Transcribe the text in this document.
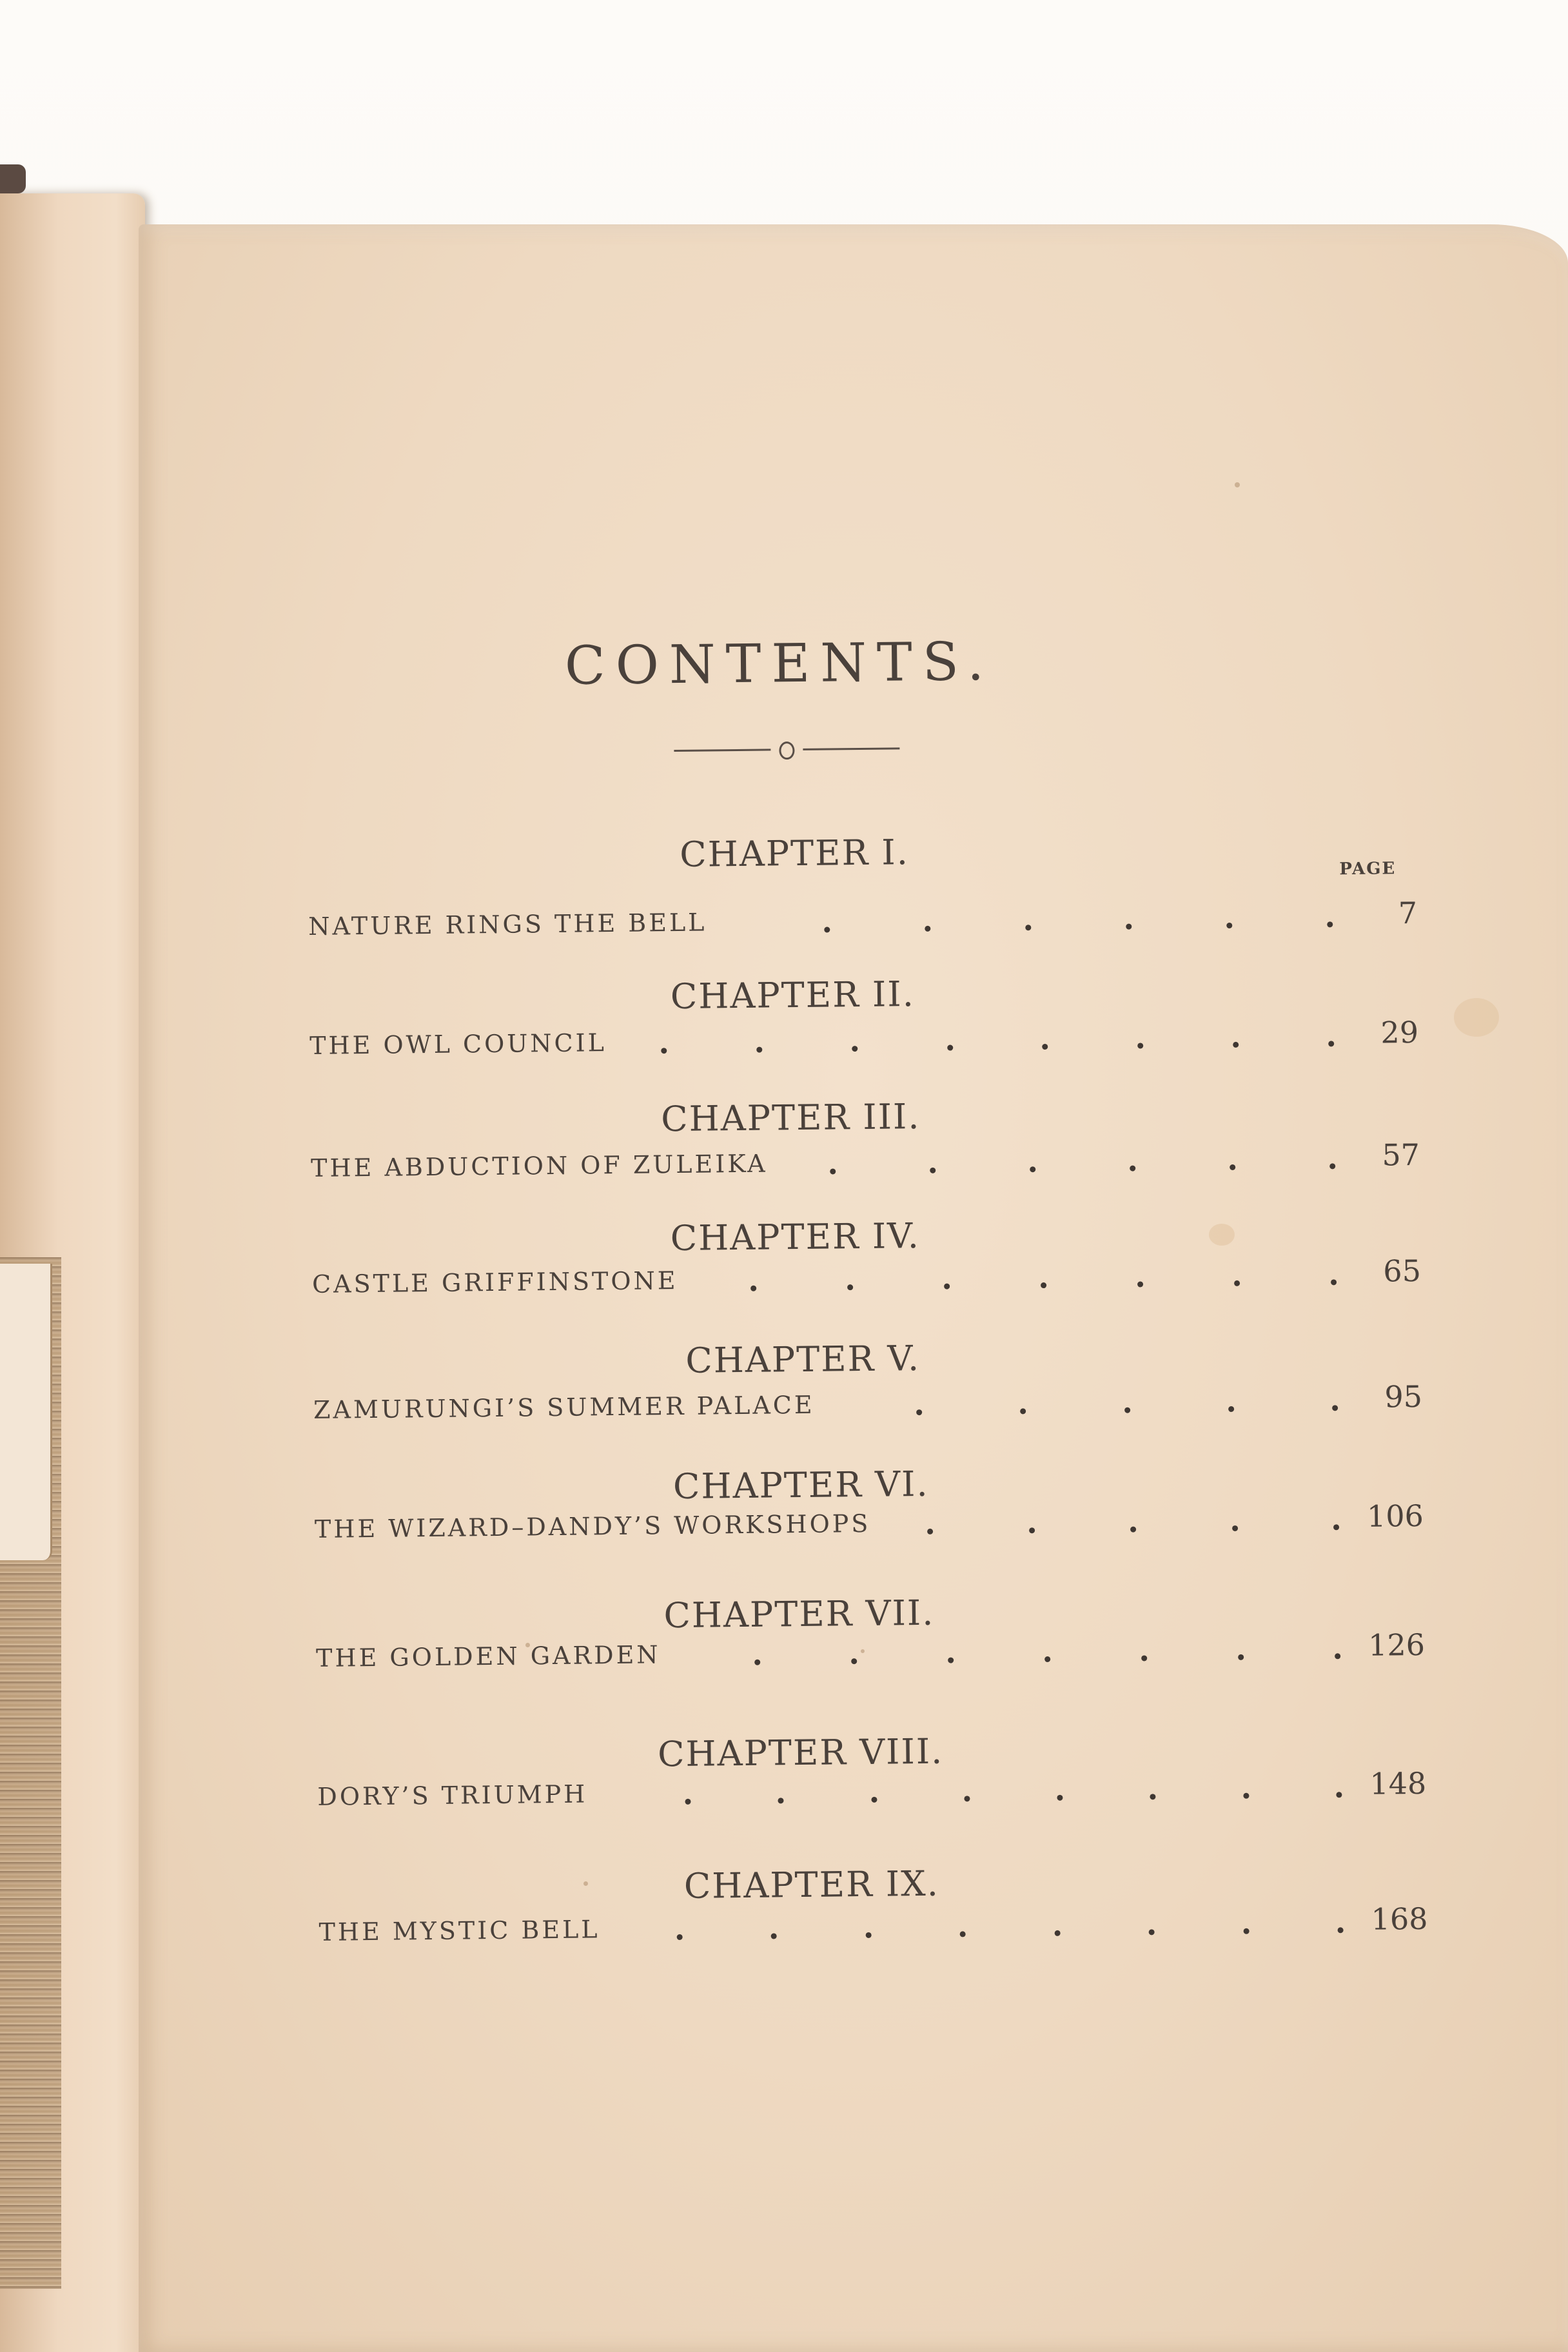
CONTENTS.
PAGE
CHAPTER I.
NATURE RINGS THE BELL	7
CHAPTER II.
THE OWL COUNCIL	29
CHAPTER III.
THE ABDUCTION OF ZULEIKA	57
CHAPTER IV.
CASTLE GRIFFINSTONE	65
CHAPTER V.
ZAMURUNGI’S SUMMER PALACE	95
CHAPTER VI.
THE WIZARD–DANDY’S WORKSHOPS	106
CHAPTER VII.
THE GOLDEN GARDEN	126
CHAPTER VIII.
DORY’S TRIUMPH	148
CHAPTER IX.
THE MYSTIC BELL	168
